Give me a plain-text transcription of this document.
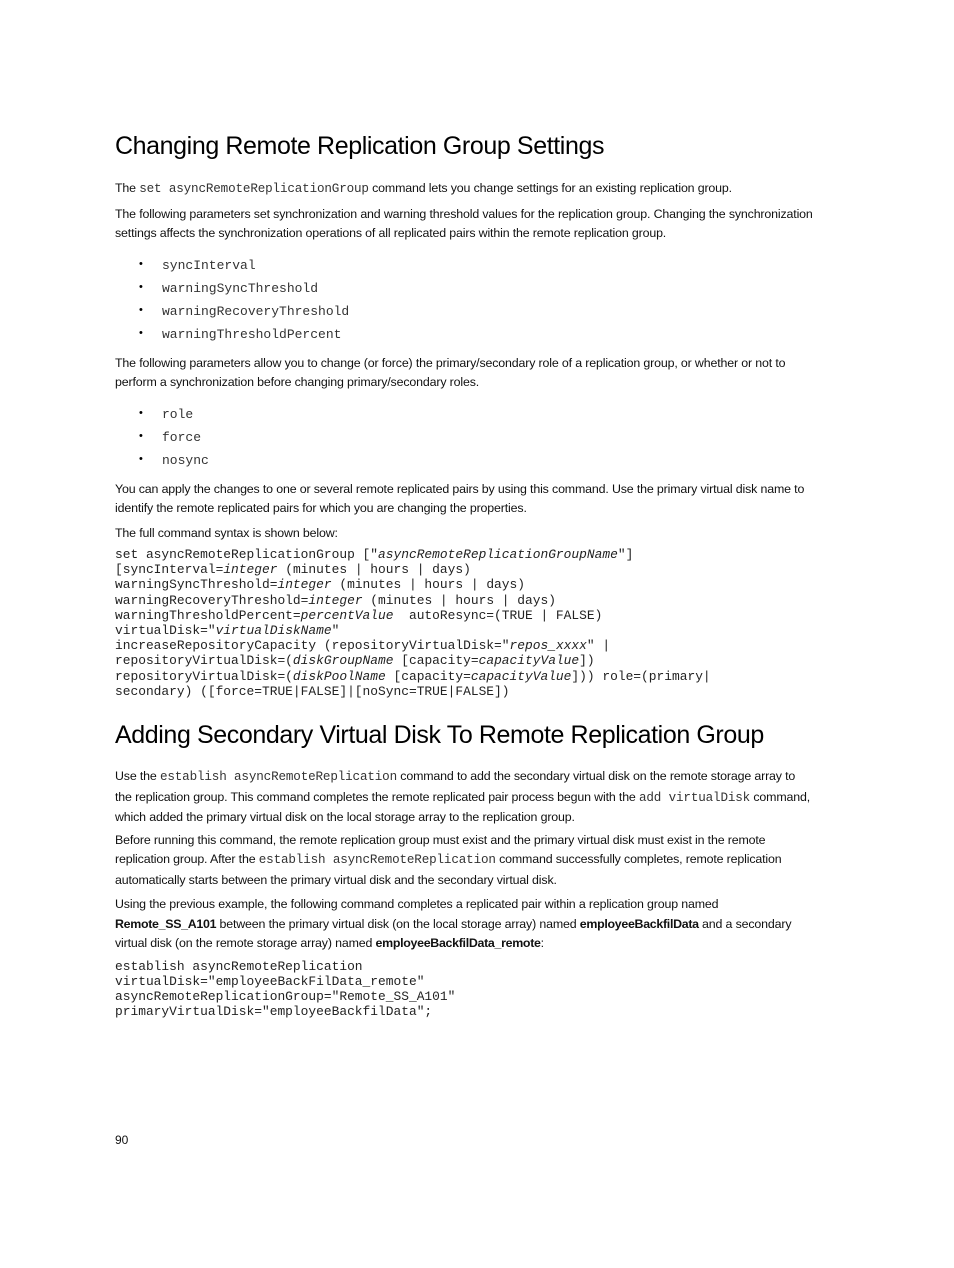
Changing Remote Replication Group Settings

The set asyncRemoteReplicationGroup command lets you change settings for an existing replication group.

The following parameters set synchronization and warning threshold values for the replication group. Changing the synchronization settings affects the synchronization operations of all replicated pairs within the remote replication group.

• syncInterval
• warningSyncThreshold
• warningRecoveryThreshold
• warningThresholdPercent

The following parameters allow you to change (or force) the primary/secondary role of a replication group, or whether or not to perform a synchronization before changing primary/secondary roles.

• role
• force
• nosync

You can apply the changes to one or several remote replicated pairs by using this command. Use the primary virtual disk name to identify the remote replicated pairs for which you are changing the properties.

The full command syntax is shown below:

set asyncRemoteReplicationGroup ["asyncRemoteReplicationGroupName"]
[syncInterval=integer (minutes | hours | days)
warningSyncThreshold=integer (minutes | hours | days)
warningRecoveryThreshold=integer (minutes | hours | days)
warningThresholdPercent=percentValue  autoResync=(TRUE | FALSE)
virtualDisk="virtualDiskName"
increaseRepositoryCapacity (repositoryVirtualDisk="repos_xxxx" |
repositoryVirtualDisk=(diskGroupName [capacity=capacityValue])
repositoryVirtualDisk=(diskPoolName [capacity=capacityValue])) role=(primary|
secondary) ([force=TRUE|FALSE]|[noSync=TRUE|FALSE])
Adding Secondary Virtual Disk To Remote Replication Group

Use the establish asyncRemoteReplication command to add the secondary virtual disk on the remote storage array to the replication group. This command completes the remote replicated pair process begun with the add virtualDisk command, which added the primary virtual disk on the local storage array to the replication group.

Before running this command, the remote replication group must exist and the primary virtual disk must exist in the remote replication group. After the establish asyncRemoteReplication command successfully completes, remote replication automatically starts between the primary virtual disk and the secondary virtual disk.

Using the previous example, the following command completes a replicated pair within a replication group named Remote_SS_A101 between the primary virtual disk (on the local storage array) named employeeBackfilData and a secondary virtual disk (on the remote storage array) named employeeBackfilData_remote:

establish asyncRemoteReplication
virtualDisk="employeeBackFilData_remote"
asyncRemoteReplicationGroup="Remote_SS_A101"
primaryVirtualDisk="employeeBackfilData";
90
